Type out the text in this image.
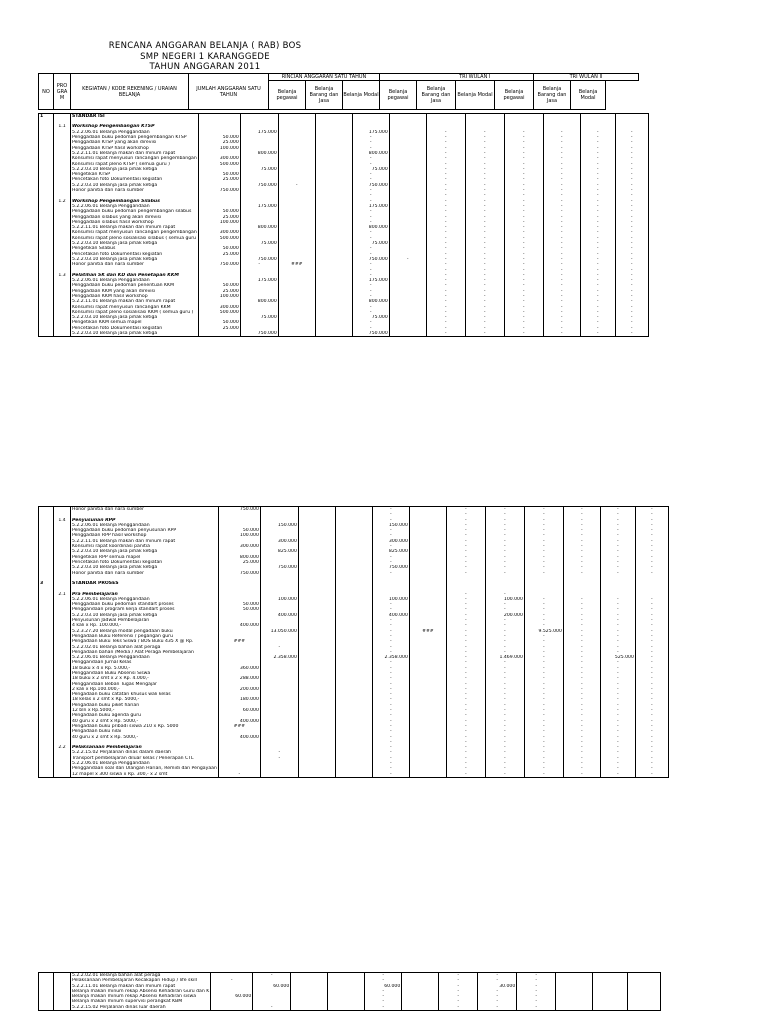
RENCANA ANGGARAN BELANJA ( RAB) BOS
SMP NEGERI 1 KARANGGEDE
TAHUN ANGGARAN 2011
NO	PRO GRA M	KEGIATAN / KODE REKENING / URAIAN BELANJA	JUMLAH ANGGARAN SATU TAHUN	RINCIAN ANGGARAN SATU TAHUN				TRI WULAN I			TRI WULAN II	
				Belanja pegawai	Belanja Barang dan Jasa	Belanja Modal	Belanja pegawai	Belanja Barang dan Jasa	Belanja Modal	Belanja pegawai	Belanja Barang dan Jasa	Belanja Modal
1		STANDAR ISI												

	1.1	Workshop Pengembangan KTSP												
		5.2.2.06.01 Belanja Penggandaan		175.000			175.000		-	-	-	-	-	-
		Penggadaan buku pedoman pengembangan KTSP	50.000				-		-	-	-	-	-	-
		Penggadaan KTSP yang akan direvisi	25.000				-		-	-	-	-	-	-
		Penggadaan KTSP hasil workshop	100.000				-		-	-	-	-	-	-
		5.2.2.11.01 Belanja makan dan minum rapat		800.000			800.000		-	-	-	-	-	-
		Konsumsi rapat menyusun rancangan pengembangan	300.000				-		-	-	-	-	-	-
		Konsumsi rapat pleno KTSP ( semua guru )	500.000				-		-	-	-	-	-	-
		5.2.2.03.10 Belanja jasa pihak ketiga		75.000			75.000		-	-	-	-	-	-
		Pengetikan KTSP	50.000				-		-	-	-	-	-	-
		Pencetakan foto Dokumentasi kegiatan	25.000				-		-	-	-	-	-	-
		5.2.2.03.10 Belanja jasa pihak ketiga		750.000	-		750.000		-	-	-	-	-	-
		Honor panitia dan nara sumber	750.000				-		-	-	-	-	-	-
							-		-	-	-	-	-	-
	1.2	Workshop Pengembangan Silabus					-		-	-	-	-	-	-
		5.2.2.06.01 Belanja Penggandaan		175.000			175.000		-	-	-	-	-	-
		Penggadaan buku pedoman pengembangan silabus	50.000				-		-	-	-	-	-	-
		Penggadaan silabus yang akan direvisi	25.000				-		-	-	-	-	-	-
		Penggadaan silabus hasil workshop	100.000				-		-	-	-	-	-	-
		5.2.2.11.01 Belanja makan dan minum rapat		800.000			800.000		-	-	-	-	-	-
		Konsumsi rapat menyusun rancangan pengembangan	300.000				-		-	-	-	-	-	-
		Konsumsi rapat pleno sosialisasi silabus ( semua guru	500.000				-		-	-	-	-	-	-
		5.2.2.03.10 Belanja jasa pihak ketiga		75.000			75.000		-	-	-	-	-	-
		Pengetikan Silabus	50.000				-		-	-	-	-	-	-
		Pencetakan foto Dokumentasi kegiatan	25.000				-		-	-	-	-	-	-
		5.2.2.03.10 Belanja jasa pihak ketiga		750.000			750.000	-	-	-	-	-	-	-
		Honor panitia dan nara sumber	750.000	-	###		-		-	-	-	-	-	-
							-		-	-	-	-	-	-
	1.3	Pelatihan SK dan KD dan Penetapan KKM					-		-	-	-	-	-	-
		5.2.2.06.01 Belanja Penggandaan		175.000			175.000		-	-	-	-	-	-
		Penggadaan buku pedoman penentuan KKM	50.000				-		-	-	-	-	-	-
		Penggadaan KKM yang akan direvisi	25.000				-		-	-	-	-	-	-
		Penggadaan KKM hasil workshop	100.000				-		-	-	-	-	-	-
		5.2.2.11.01 Belanja makan dan minum rapat		800.000			800.000		-	-	-	-	-	-
		Konsumsi rapat menyusun rancangan KKM	300.000				-		-	-	-	-	-	-
		Konsumsi rapat pleno sosialisasi KKM ( semua guru )	500.000				-		-	-	-	-	-	-
		5.2.2.03.10 Belanja jasa pihak ketiga		75.000			75.000		-	-	-	-	-	-
		Pengetikan KKM semua mapel	50.000				-		-	-	-	-	-	-
		Pencetakan foto Dokumentasi kegiatan	25.000				-		-	-	-	-	-	-
		5.2.2.03.10 Belanja jasa pihak ketiga		750.000			750.000		-	-	-	-	-	-
		Honor panitia dan nara sumber	750.000				-		-	-	-	-	-	-
							-		-	-	-	-	-	-
	1.4	Penyusunan RPP					-		-	-	-	-	-	-
		5.2.2.06.01 Belanja Penggandaan		150.000			150.000		-	-	-	-	-	-
		Penggadaan buku pedoman penyusunan RPP	50.000				-		-	-	-	-	-	-
		Penggadaan RPP hasil workshop	100.000				-		-	-	-	-	-	-
		5.2.2.11.01 Belanja makan dan minum rapat		300.000			300.000		-	-	-	-	-	-
		Konsumsi rapat koordinasi panitia	300.000				-		-	-	-	-	-	-
		5.2.2.03.10 Belanja jasa pihak ketiga		825.000			825.000		-	-	-	-	-	-
		Pengetikan RPP semua mapel	800.000				-		-	-	-	-	-	-
		Pencetakan foto Dokumentasi kegiatan	25.000				-		-	-	-	-	-	-
		5.2.2.03.10 Belanja jasa pihak ketiga		750.000			750.000		-	-	-	-	-	-
		Honor panitia dan nara sumber	750.000				-		-	-	-	-	-	-

3		STANDAR PROSES												

	2.1	Pra Pembelajaran							-	-				
		5.2.2.06.01 Belanja Penggandaan		100.000			100.000		-	100.000	-	-	-	-
		Penggadaan buku pedoman standart proses	50.000				-		-	-	-	-	-	-
		Penggandaan program kerja standart proses	50.000				-		-	-	-	-	-	-
		5.2.2.03.10 Belanja jasa pihak ketiga		400.000			400.000		-	200.000	-	-	-	-
		Penyusunan Jadwal Pembelajaran					-		-	-	-	-	-	-
		4 kali x Rp. 100.000,-	400.000				-		-	-	-	-	-	-
		5.2.3.27.20 Belanja modal pengadaan buku		13.050.000			-	###	-	-	9.525.000	-	-	-
		Pengadaan Buku Referensi / pegangan guru					-		-	-	-	-	-	-
		Pengadaan Buku Teks Siswa / BOS Buku 435 X @ Rp.	###				-		-	-	-	-	-	-
		5.2.2.02.01 Belanja bahan alat peraga		-			-		-	-	-	-	-	-
		Pengadaan bahan /Media / Alat Peraga Pembelajaran					-		-	-	-	-	-	-
		5.2.2.06.01 Belanja Penggandaan		2.358.000			2.358.000		-	1.469.000	-	-	525.000	-
		Penggandaan Jurnal Kelas					-		-	-	-	-	-	-
		18 buku x 4 x Rp. 5.000,-	360.000				-		-	-	-	-	-	-
		Penggandaan Buku Absensi Siswa					-		-	-	-	-	-	-
		18 buku x 2 smt x 2 x Rp. 4.000,-	288.000				-		-	-	-	-	-	-
		Penggandaan Beban Tugas Mengajar					-		-	-	-	-	-	-
		2 kali x Rp.100.000,-	200.000				-		-	-	-	-	-	-
		Pengadaan buku catatan khusus wali kelas					-		-	-	-	-	-	-
		18 kelas x 2 smt x Rp. 5000,-	180.000				-		-	-	-	-	-	-
		Pengadaan buku piket harian					-		-	-	-	-	-	-
		12 bln x Rp.5000,-	60.000				-		-	-	-	-	-	-
		Pengadaan buku agenda guru					-		-	-	-	-	-	-
		40 guru x 2 smt x Rp. 5000,-	400.000				-		-	-	-	-	-	-
		Pengadaan buku pribadi siswa 210 x Rp. 5000	###				-		-	-	-	-	-	-
		Pengadaan buku nilai					-		-	-	-	-	-	-
		40 guru x 2 smt x Rp. 5000,-	400.000				-		-	-	-	-	-	-
							-		-	-	-	-	-	-
	2.2	Pelaksanaan Pembelajaran					-		-	-	-	-	-	-
		5.2.2.15.02 Perjalanan dinas dalam daerah		-			-		-	-	-	-	-	-
		Transport pembelajaran diluar kelas / Penerapan CTL		-			-		-	-	-	-	-	-
		5.2.2.06.01 Belanja Penggandaan					-		-	-	-	-	-	-
		Penggandaan soal dan Ulangan Harian, Remidi dan Pengayaan					-		-	-	-	-	-	-
		12 mapel x 300 siswa x Rp. 300,- x 2 smt	-				-		-	-	-	-	-	-
		5.2.2.02.01 Belanja bahan alat peraga		-			-		-	-	-			
		Pelaksanaan Pembelajaran Kecakapan Hidup / life skill	-				-		-	-	-			
		5.2.2.11.01 Belanja makan dan minum rapat		60.000			60.000		-	30.000	-			
		Belanja makan minum rekap Absensi Kehadiran Guru dan K					-		-	-	-			
		Belanja makan minum rekap Absensi Kehadiran siswa	60.000				-		-	-	-			
		Belanja makan minum supervisi perangkat KBM					-		-	-	-			
		5.2.2.15.02 Perjalanan dinas luar daerah		-			-		-	-	-			
